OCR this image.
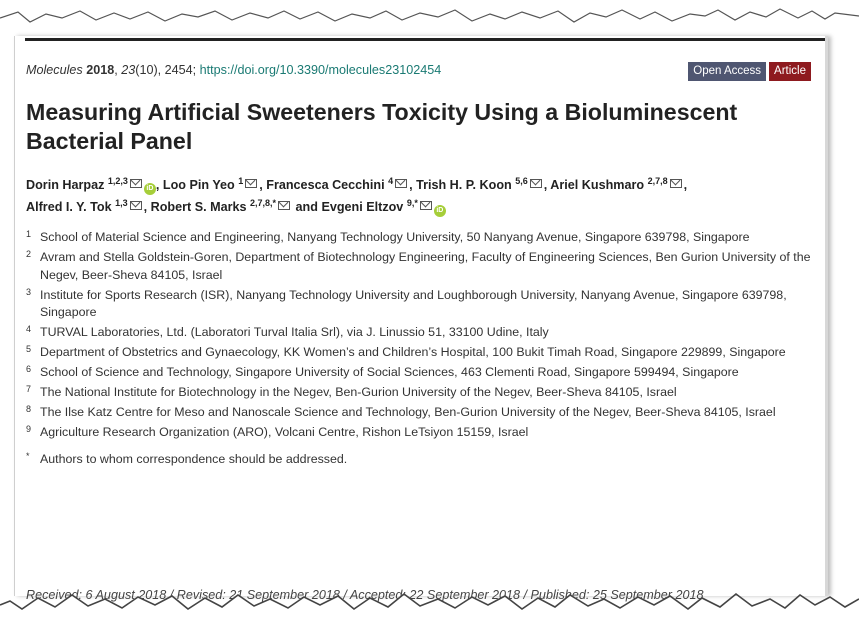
Molecules 2018, 23(10), 2454; https://doi.org/10.3390/molecules23102454	Open Access	Article
Measuring Artificial Sweeteners Toxicity Using a Bioluminescent Bacterial Panel
Dorin Harpaz $^{1,2,3}$iD , Loo Pin Yeo $^1$ , Francesca Cecchini $^4$ , Trish H. P. Koon $^{5,6}$ , Ariel Kushmaro $^{2,7,8}$ ,
Alfred I. Y. Tok $^{1,3}$ , Robert S. Marks $^{2,7,8,*}$ and Evgeni Eltzov $^{9,*}$iD
1 School of Material Science and Engineering, Nanyang Technology University, 50 Nanyang Avenue, Singapore 639798, Singapore
2 Avram and Stella Goldstein-Goren, Department of Biotechnology Engineering, Faculty of Engineering Sciences, Ben Gurion University of the Negev, Beer-Sheva 84105, Israel
3 Institute for Sports Research (ISR), Nanyang Technology University and Loughborough University, Nanyang Avenue, Singapore 639798, Singapore
4 TURVAL Laboratories, Ltd. (Laboratori Turval Italia Srl), via J. Linussio 51, 33100 Udine, Italy
5 Department of Obstetrics and Gynaecology, KK Women’s and Children’s Hospital, 100 Bukit Timah Road, Singapore 229899, Singapore
6 School of Science and Technology, Singapore University of Social Sciences, 463 Clementi Road, Singapore 599494, Singapore
7 The National Institute for Biotechnology in the Negev, Ben-Gurion University of the Negev, Beer-Sheva 84105, Israel
8 The Ilse Katz Centre for Meso and Nanoscale Science and Technology, Ben-Gurion University of the Negev, Beer-Sheva 84105, Israel
9 Agriculture Research Organization (ARO), Volcani Centre, Rishon LeTsiyon 15159, Israel
* Authors to whom correspondence should be addressed.
Received: 6 August 2018 / Revised: 21 September 2018 / Accepted: 22 September 2018 / Published: 25 September 2018
